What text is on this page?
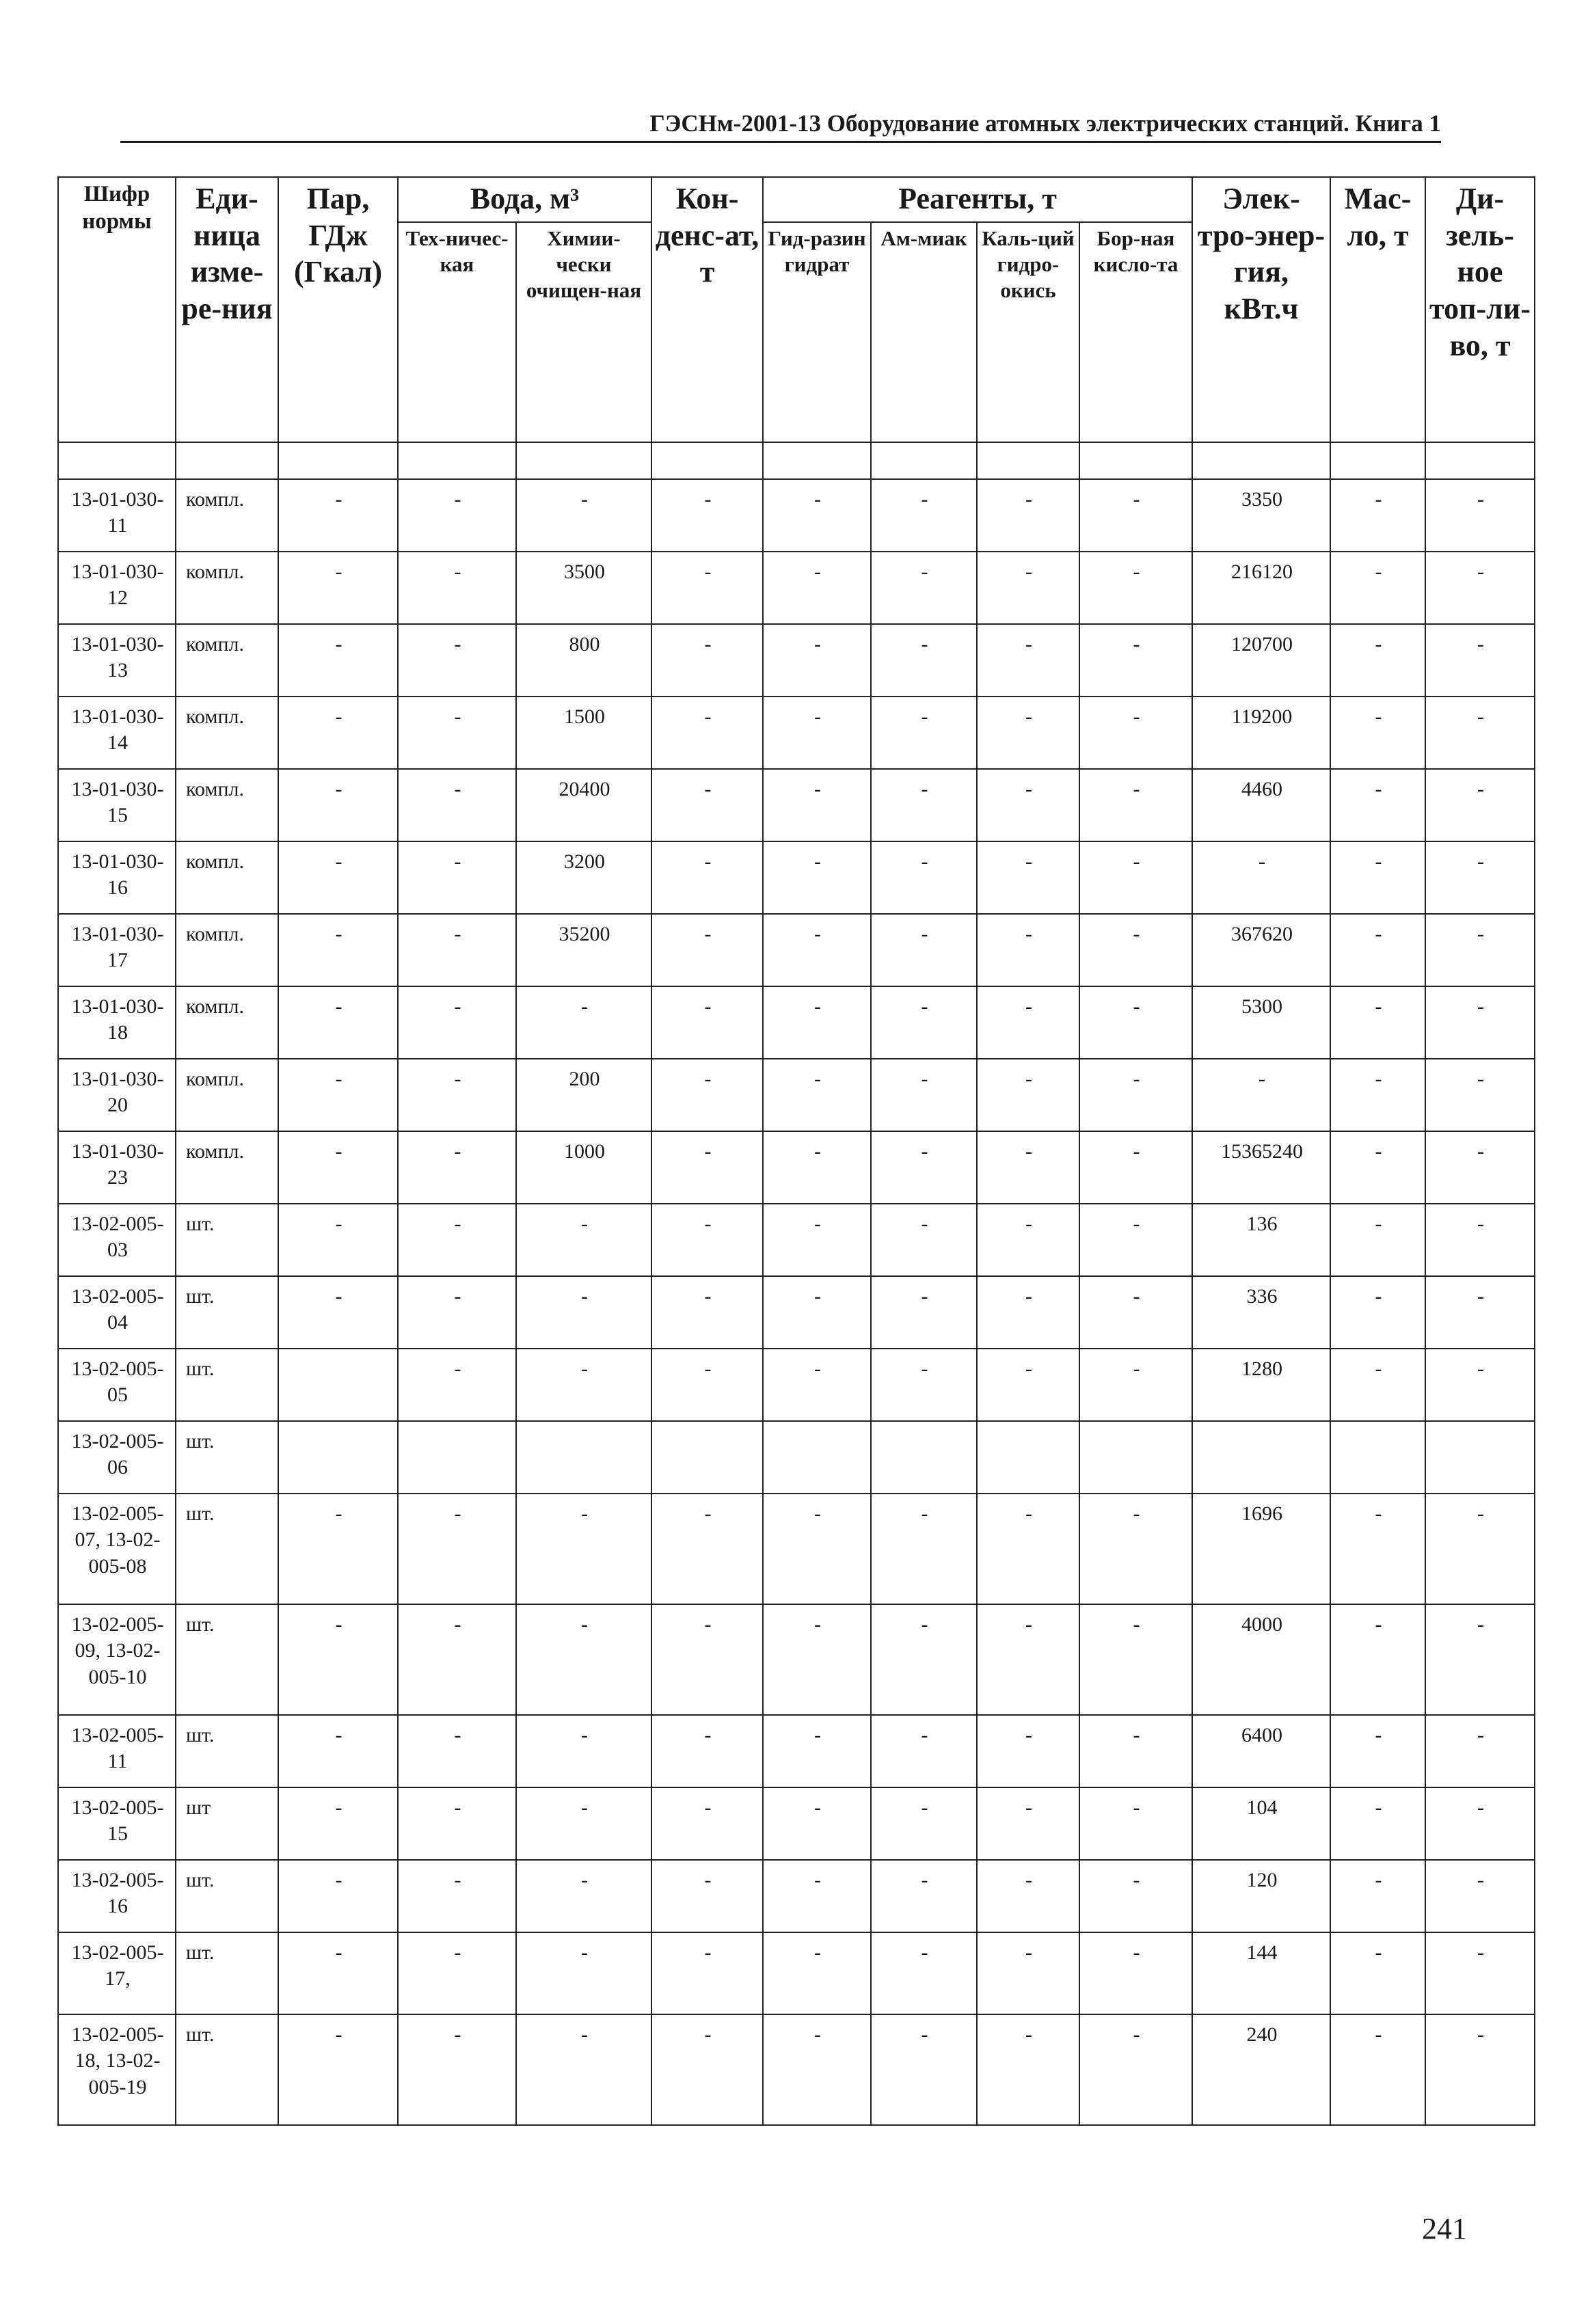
ГЭСНм-2001-13 Оборудование атомных электрических станций. Книга 1
Шифр нормы	Еди-ница изме-ре-ния	Пар, ГДж (Гкал)	Вода, м³		Кон-денс-ат, т	Реагенты, т				Элек-тро-энер-гия, кВт.ч	Мас-ло, т	Ди-зель-ное топ-ли-во, т
			Тех-ничес-кая	Химии-чески очищен-ная		Гид-разин гидрат	Ам-миак	Каль-ций гидро-окись	Бор-ная кисло-та			

13-01-030-11	компл.	-	-	-	-	-	-	-	-	3350	-	-
13-01-030-12	компл.	-	-	3500	-	-	-	-	-	216120	-	-
13-01-030-13	компл.	-	-	800	-	-	-	-	-	120700	-	-
13-01-030-14	компл.	-	-	1500	-	-	-	-	-	119200	-	-
13-01-030-15	компл.	-	-	20400	-	-	-	-	-	4460	-	-
13-01-030-16	компл.	-	-	3200	-	-	-	-	-	-	-	-
13-01-030-17	компл.	-	-	35200	-	-	-	-	-	367620	-	-
13-01-030-18	компл.	-	-	-	-	-	-	-	-	5300	-	-
13-01-030-20	компл.	-	-	200	-	-	-	-	-	-	-	-
13-01-030-23	компл.	-	-	1000	-	-	-	-	-	15365240	-	-
13-02-005-03	шт.	-	-	-	-	-	-	-	-	136	-	-
13-02-005-04	шт.	-	-	-	-	-	-	-	-	336	-	-
13-02-005-05	шт.		-	-	-	-	-	-	-	1280	-	-
13-02-005-06	шт.											
13-02-005-07, 13-02-005-08	шт.	-	-	-	-	-	-	-	-	1696	-	-
13-02-005-09, 13-02-005-10	шт.	-	-	-	-	-	-	-	-	4000	-	-
13-02-005-11	шт.	-	-	-	-	-	-	-	-	6400	-	-
13-02-005-15	шт	-	-	-	-	-	-	-	-	104	-	-
13-02-005-16	шт.	-	-	-	-	-	-	-	-	120	-	-
13-02-005-17,	шт.	-	-	-	-	-	-	-	-	144	-	-
13-02-005-18, 13-02-005-19	шт.	-	-	-	-	-	-	-	-	240	-	-
241
